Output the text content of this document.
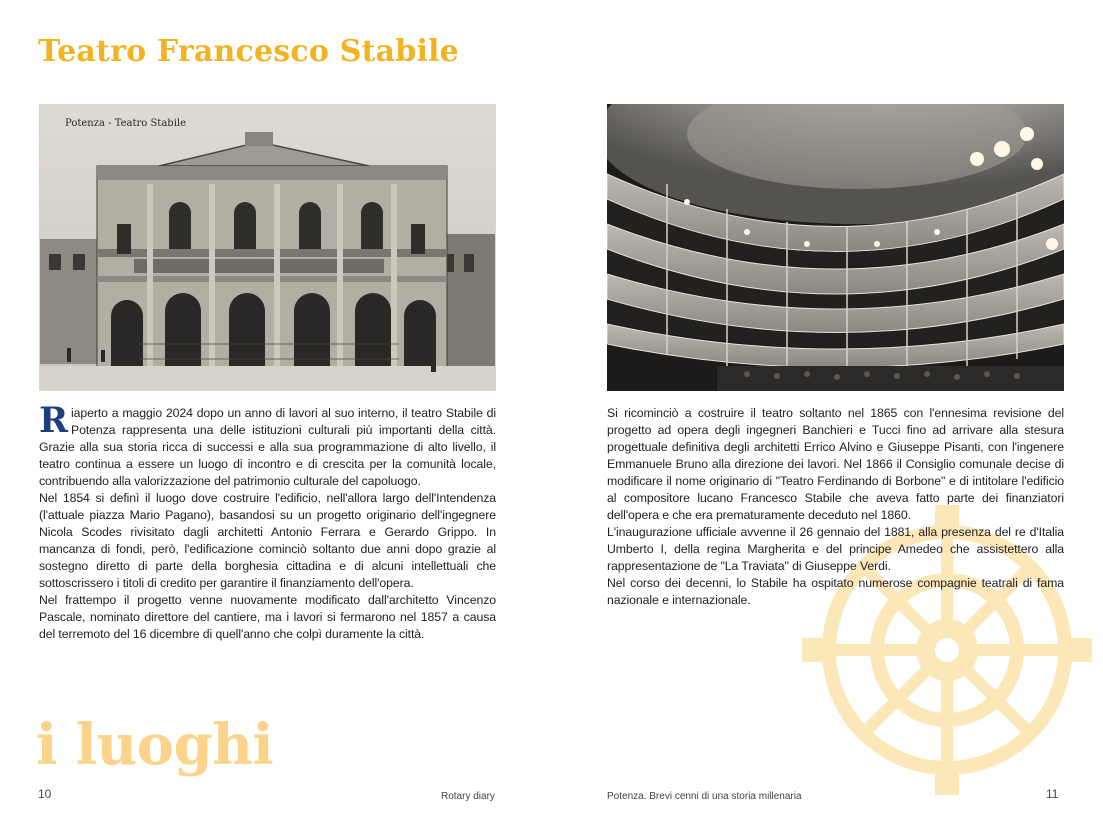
Teatro Francesco Stabile
Potenza - Teatro Stabile

Riaperto a maggio 2024 dopo un anno di lavori al suo interno, il teatro Stabile di Potenza rappresenta una delle istituzioni culturali più importanti della città. Grazie alla sua storia ricca di successi e alla sua programmazione di alto livello, il teatro continua a essere un luogo di incontro e di crescita per la comunità locale, contribuendo alla valorizzazione del patrimonio culturale del capoluogo.

Nel 1854 si definì il luogo dove costruire l'edificio, nell'allora largo dell'Intendenza (l'attuale piazza Mario Pagano), basandosi su un progetto originario dell'ingegnere Nicola Scodes rivisitato dagli architetti Antonio Ferrara e Gerardo Grippo. In mancanza di fondi, però, l'edificazione cominciò soltanto due anni dopo grazie al sostegno diretto di parte della borghesia cittadina e di alcuni intellettuali che sottoscrissero i titoli di credito per garantire il finanziamento dell'opera.

Nel frattempo il progetto venne nuovamente modificato dall'architetto Vincenzo Pascale, nominato direttore del cantiere, ma i lavori si fermarono nel 1857 a causa del terremoto del 16 dicembre di quell'anno che colpì duramente la città.

i luoghi
10	Rotary diary

Si ricominciò a costruire il teatro soltanto nel 1865 con l'ennesima revisione del progetto ad opera degli ingegneri Banchieri e Tucci fino ad arrivare alla stesura progettuale definitiva degli architetti Errico Alvino e Giuseppe Pisanti, con l'ingenere Emmanuele Bruno alla direzione dei lavori. Nel 1866 il Consiglio comunale decise di modificare il nome originario di "Teatro Ferdinando di Borbone" e di intitolare l'edificio al compositore lucano Francesco Stabile che aveva fatto parte dei finanziatori dell'opera e che era prematuramente deceduto nel 1860.

L'inaugurazione ufficiale avvenne il 26 gennaio del 1881, alla presenza del re d'Italia Umberto I, della regina Margherita e del principe Amedeo che assistettero alla rappresentazione de "La Traviata" di Giuseppe Verdi.

Nel corso dei decenni, lo Stabile ha ospitato numerose compagnie teatrali di fama nazionale e internazionale.

Potenza. Brevi cenni di una storia millenaria	11
